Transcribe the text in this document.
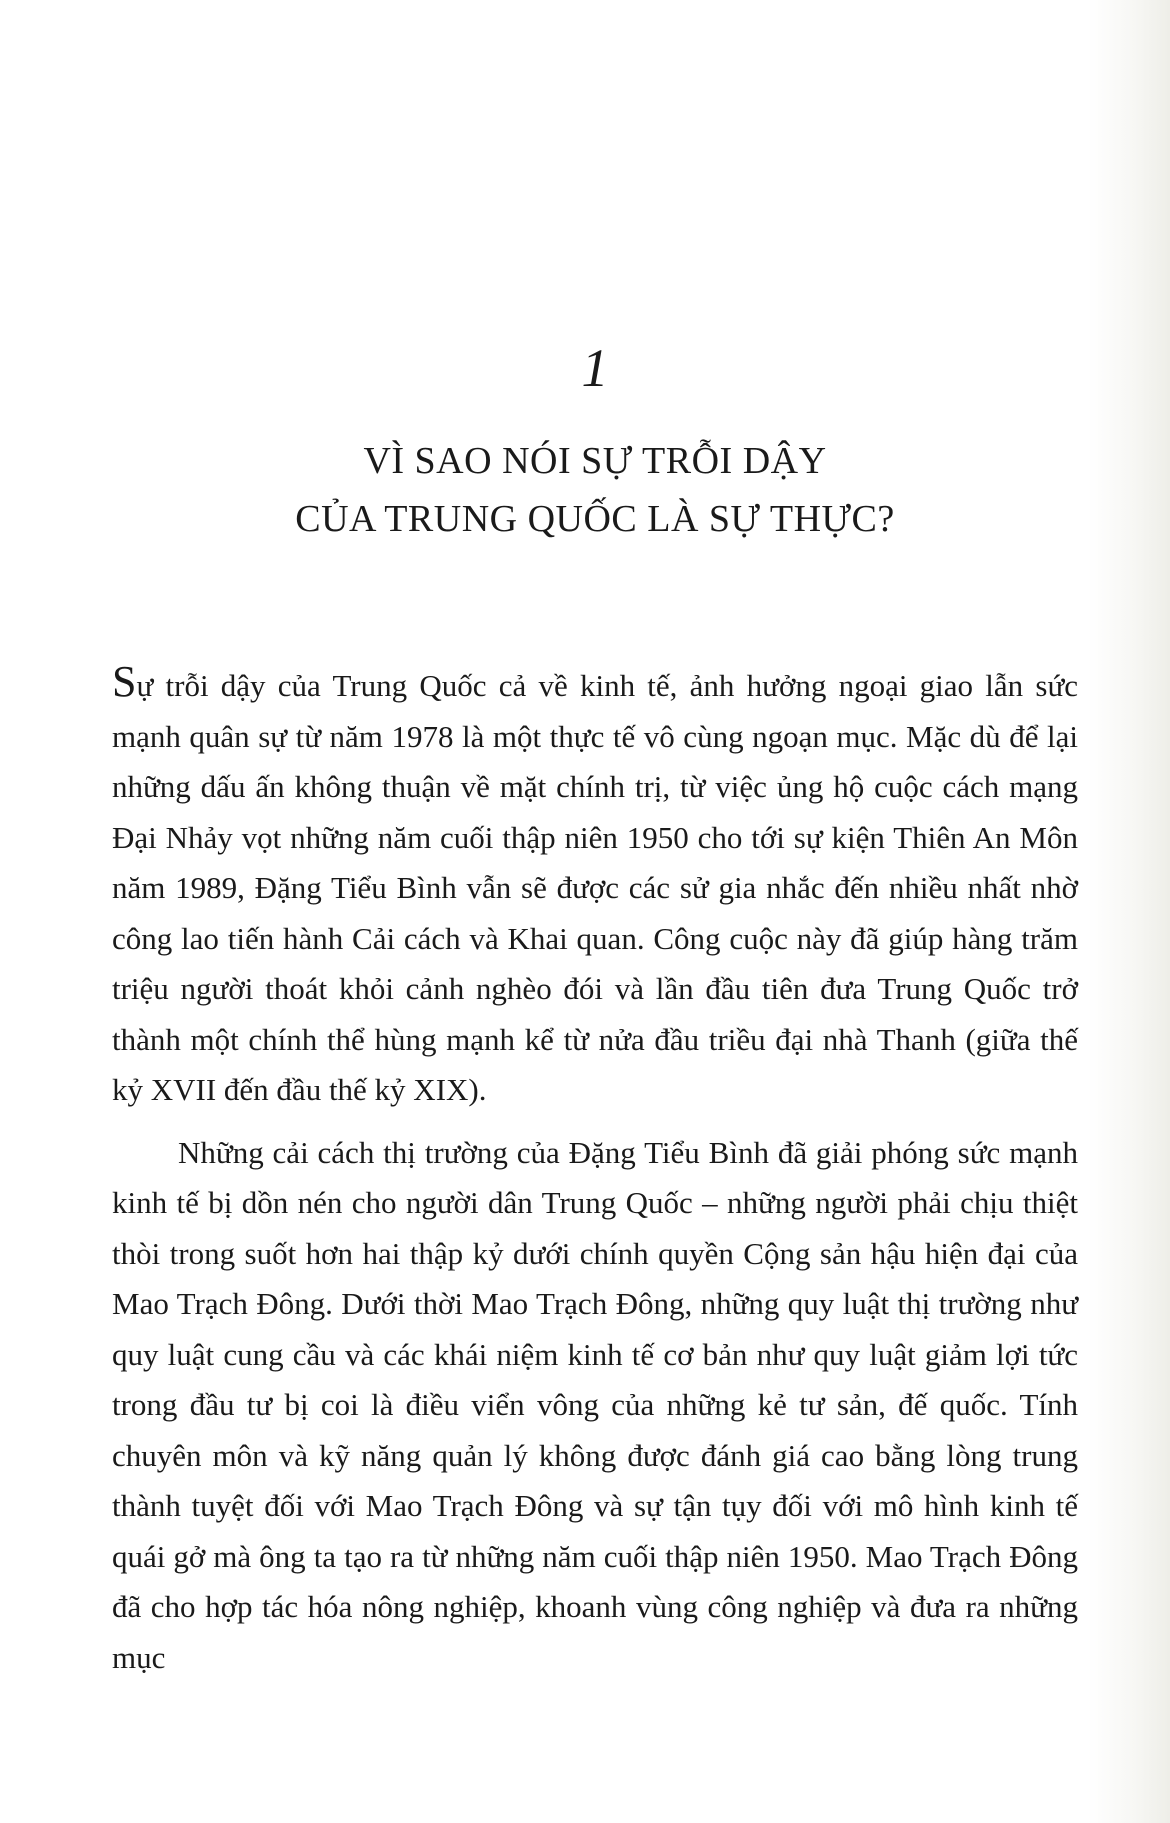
1
VÌ SAO NÓI SỰ TRỖI DẬY
CỦA TRUNG QUỐC LÀ SỰ THỰC?

Sự trỗi dậy của Trung Quốc cả về kinh tế, ảnh hưởng ngoại giao lẫn sức mạnh quân sự từ năm 1978 là một thực tế vô cùng ngoạn mục. Mặc dù để lại những dấu ấn không thuận về mặt chính trị, từ việc ủng hộ cuộc cách mạng Đại Nhảy vọt những năm cuối thập niên 1950 cho tới sự kiện Thiên An Môn năm 1989, Đặng Tiểu Bình vẫn sẽ được các sử gia nhắc đến nhiều nhất nhờ công lao tiến hành Cải cách và Khai quan. Công cuộc này đã giúp hàng trăm triệu người thoát khỏi cảnh nghèo đói và lần đầu tiên đưa Trung Quốc trở thành một chính thể hùng mạnh kể từ nửa đầu triều đại nhà Thanh (giữa thế kỷ XVII đến đầu thế kỷ XIX).

Những cải cách thị trường của Đặng Tiểu Bình đã giải phóng sức mạnh kinh tế bị dồn nén cho người dân Trung Quốc – những người phải chịu thiệt thòi trong suốt hơn hai thập kỷ dưới chính quyền Cộng sản hậu hiện đại của Mao Trạch Đông. Dưới thời Mao Trạch Đông, những quy luật thị trường như quy luật cung cầu và các khái niệm kinh tế cơ bản như quy luật giảm lợi tức trong đầu tư bị coi là điều viển vông của những kẻ tư sản, đế quốc. Tính chuyên môn và kỹ năng quản lý không được đánh giá cao bằng lòng trung thành tuyệt đối với Mao Trạch Đông và sự tận tụy đối với mô hình kinh tế quái gở mà ông ta tạo ra từ những năm cuối thập niên 1950. Mao Trạch Đông đã cho hợp tác hóa nông nghiệp, khoanh vùng công nghiệp và đưa ra những mục
